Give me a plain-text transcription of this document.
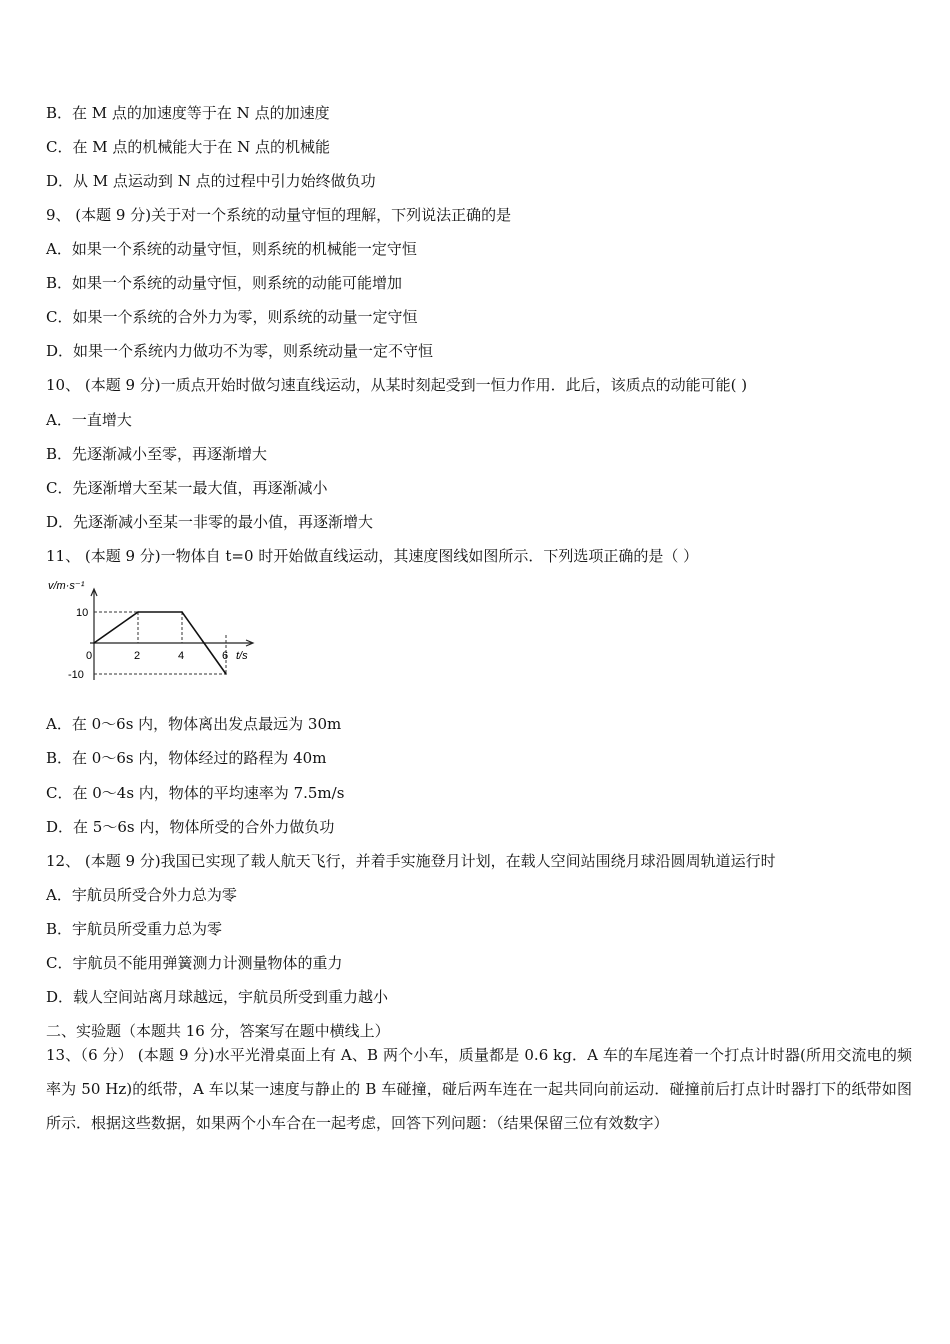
B．在 M 点的加速度等于在 N 点的加速度
C．在 M 点的机械能大于在 N 点的机械能
D．从 M 点运动到 N 点的过程中引力始终做负功
9、 (本题 9 分)关于对一个系统的动量守恒的理解，下列说法正确的是
A．如果一个系统的动量守恒，则系统的机械能一定守恒
B．如果一个系统的动量守恒，则系统的动能可能增加
C．如果一个系统的合外力为零，则系统的动量一定守恒
D．如果一个系统内力做功不为零，则系统动量一定不守恒
10、 (本题 9 分)一质点开始时做匀速直线运动，从某时刻起受到一恒力作用．此后，该质点的动能可能( )
A．一直增大
B．先逐渐减小至零，再逐渐增大
C．先逐渐增大至某一最大值，再逐渐减小
D．先逐渐减小至某一非零的最小值，再逐渐增大
11、 (本题 9 分)一物体自 t=0 时开始做直线运动，其速度图线如图所示．下列选项正确的是（ ）
v/m·s⁻¹
t/s
0	2	4	6
10
-10
A．在 0～6s 内，物体离出发点最远为 30m
B．在 0～6s 内，物体经过的路程为 40m
C．在 0～4s 内，物体的平均速率为 7.5m/s
D．在 5～6s 内，物体所受的合外力做负功
12、 (本题 9 分)我国已实现了载人航天飞行，并着手实施登月计划，在载人空间站围绕月球沿圆周轨道运行时
A．宇航员所受合外力总为零
B．宇航员所受重力总为零
C．宇航员不能用弹簧测力计测量物体的重力
D．载人空间站离月球越远，宇航员所受到重力越小
二、实验题（本题共 16 分，答案写在题中横线上）
13、（6 分） (本题 9 分)水平光滑桌面上有 A、B 两个小车，质量都是 0.6 kg．A 车的车尾连着一个打点计时器(所用交流电的频率为 50 Hz)的纸带，A 车以某一速度与静止的 B 车碰撞，碰后两车连在一起共同向前运动．碰撞前后打点计时器打下的纸带如图所示．根据这些数据，如果两个小车合在一起考虑，回答下列问题：（结果保留三位有效数字）
